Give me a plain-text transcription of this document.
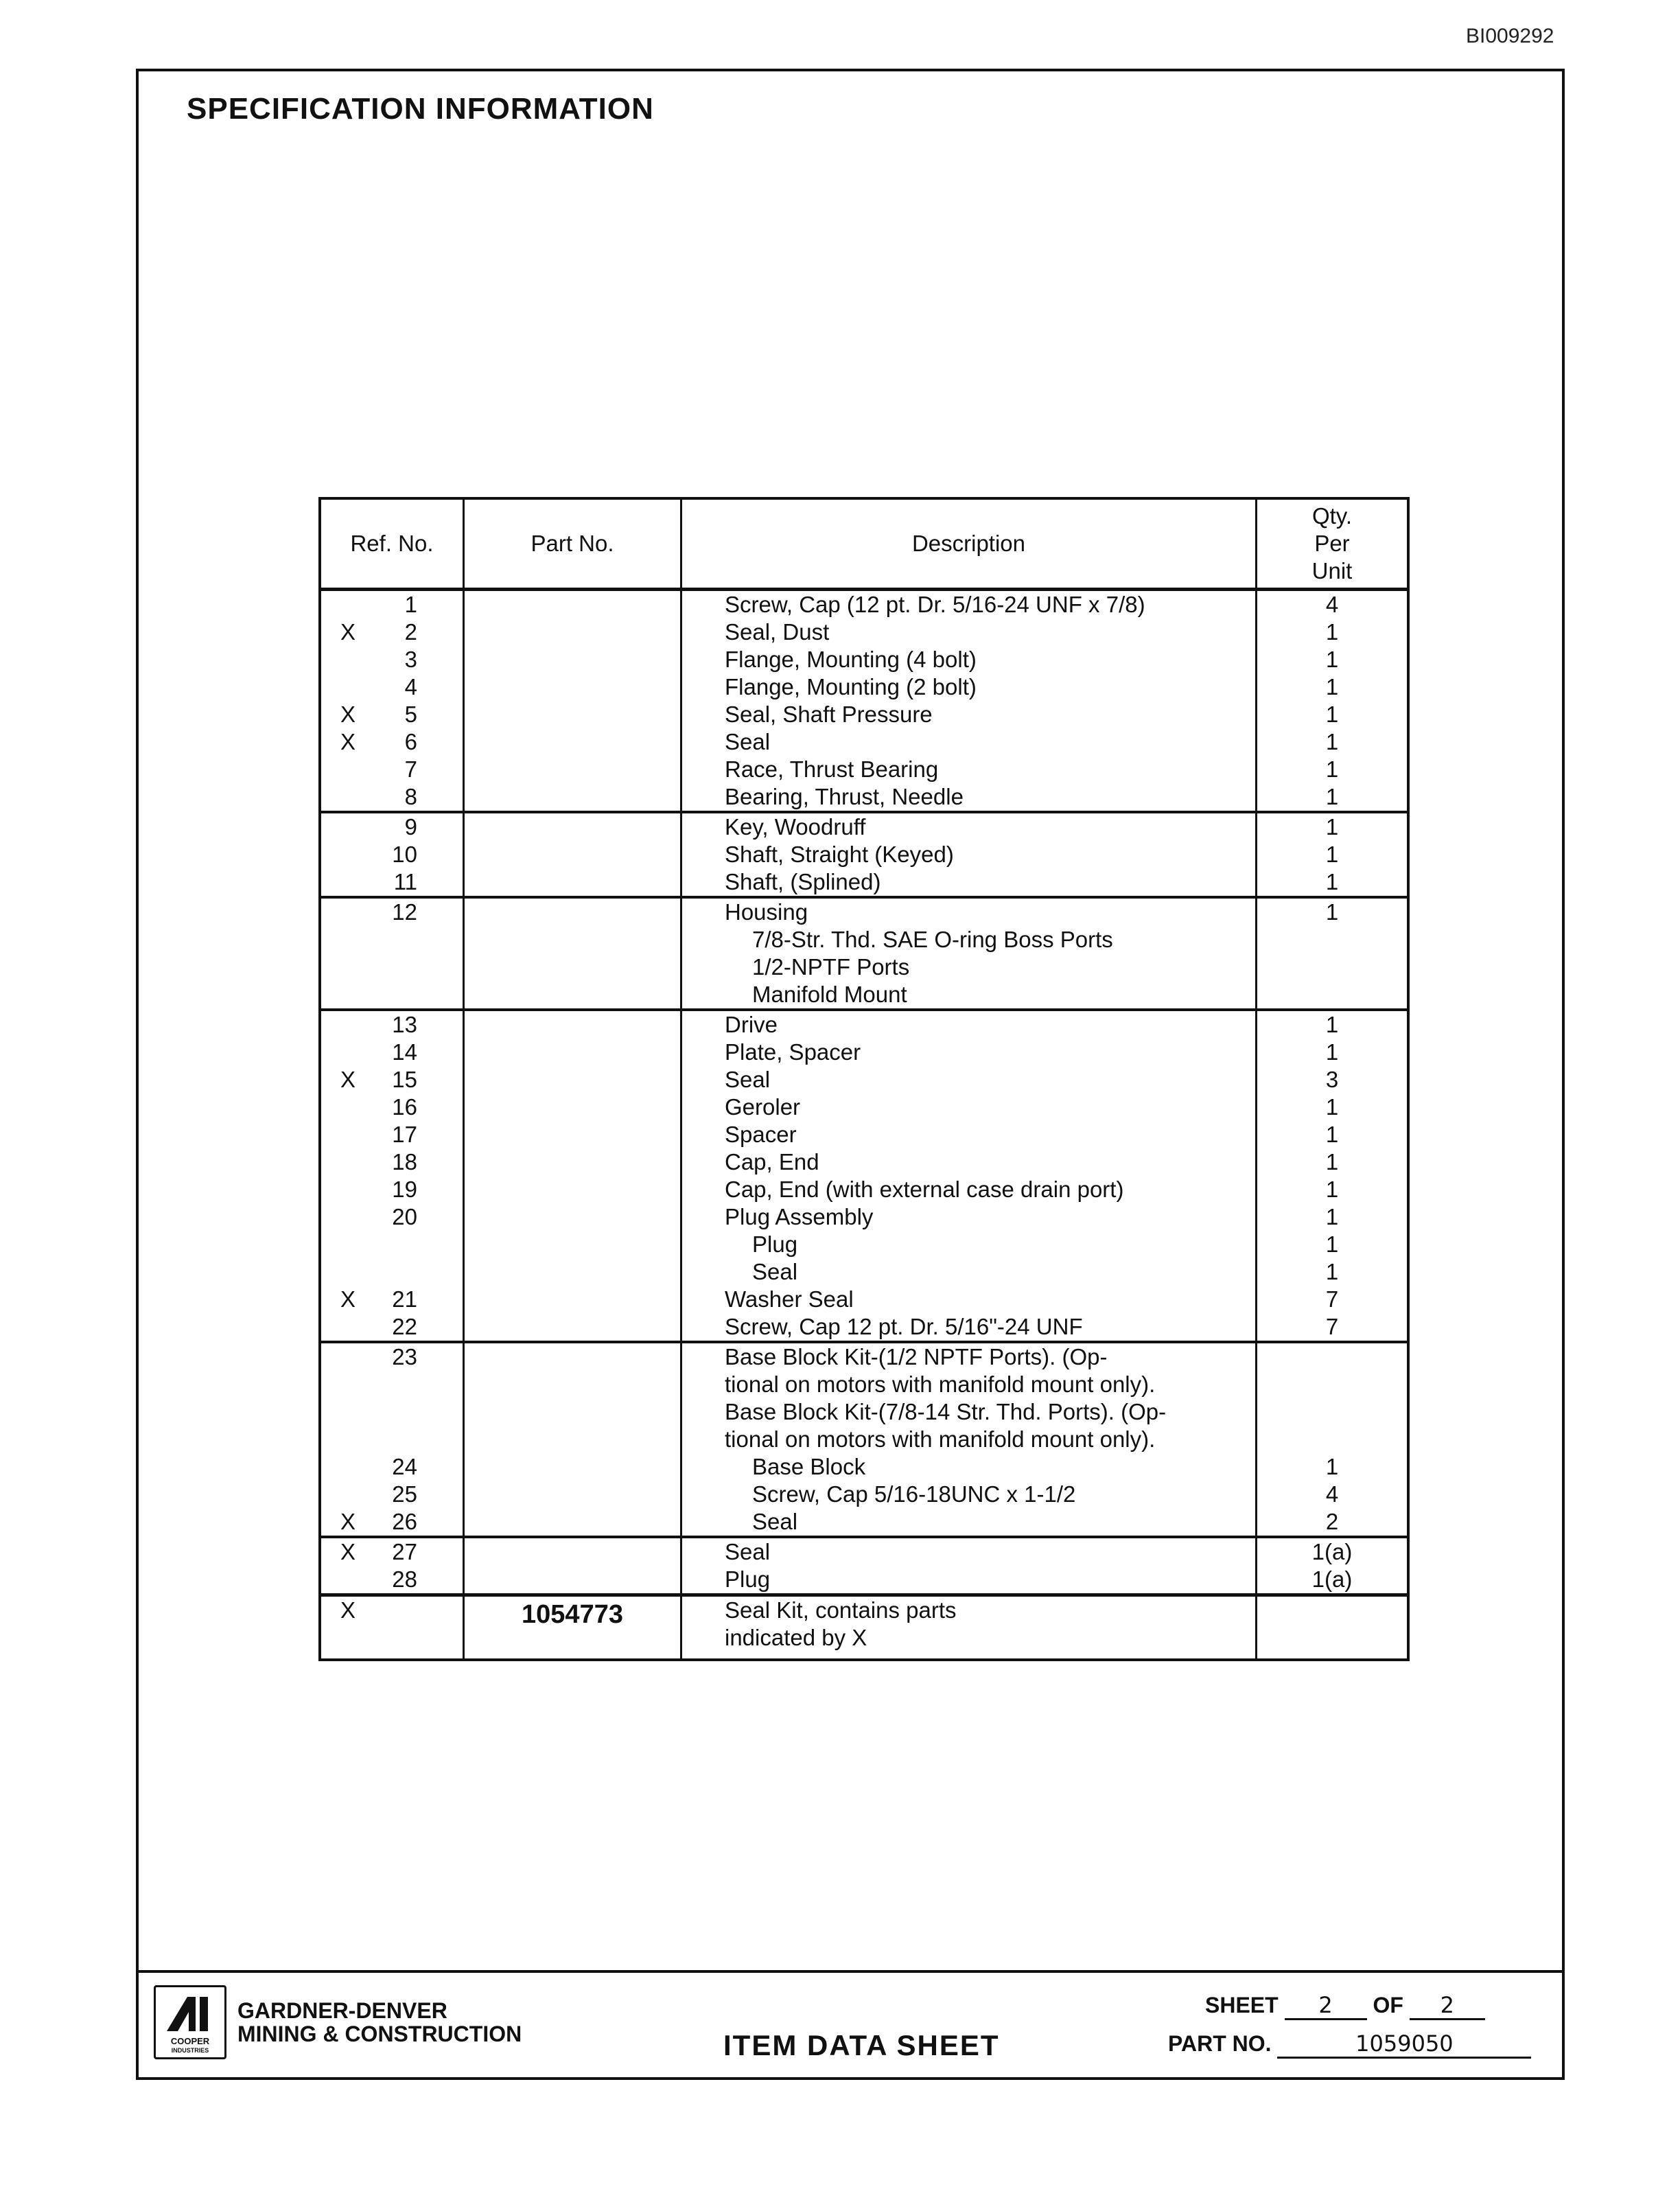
BI009292
SPECIFICATION INFORMATION
Ref. No.	Part No.	Description	Qty.
Per
Unit

1		Screw, Cap (12 pt. Dr. 5/16-24 UNF x 7/8)	4

X 2		Seal, Dust	1

3		Flange, Mounting (4 bolt)	1

4		Flange, Mounting (2 bolt)	1

X 5		Seal, Shaft Pressure	1

X 6		Seal	1

7		Race, Thrust Bearing	1

8		Bearing, Thrust, Needle	1

9		Key, Woodruff	1

10		Shaft, Straight (Keyed)	1

11		Shaft, (Splined)	1

12		Housing	1

		7/8-Str. Thd. SAE O-ring Boss Ports	

		1/2-NPTF Ports	

		Manifold Mount	

13		Drive	1

14		Plate, Spacer	1

X 15		Seal	3

16		Geroler	1

17		Spacer	1

18		Cap, End	1

19		Cap, End (with external case drain port)	1

20		Plug Assembly	1

		Plug	1

		Seal	1

X 21		Washer Seal	7

22		Screw, Cap 12 pt. Dr. 5/16"-24 UNF	7

23		Base Block Kit-(1/2 NPTF Ports). (Op-	

		tional on motors with manifold mount only).	

		Base Block Kit-(7/8-14 Str. Thd. Ports). (Op-	

		tional on motors with manifold mount only).	

24		Base Block	1

25		Screw, Cap 5/16-18UNC x 1-1/2	4

X 26		Seal	2

X 27		Seal	1(a)

28		Plug	1(a)

X	1054773	Seal Kit, contains parts
indicated by X	

COOPER
INDUSTRIES
GARDNER-DENVER
MINING & CONSTRUCTION	ITEM DATA SHEET
SHEET 2 OF 2
PART NO.	1059050
